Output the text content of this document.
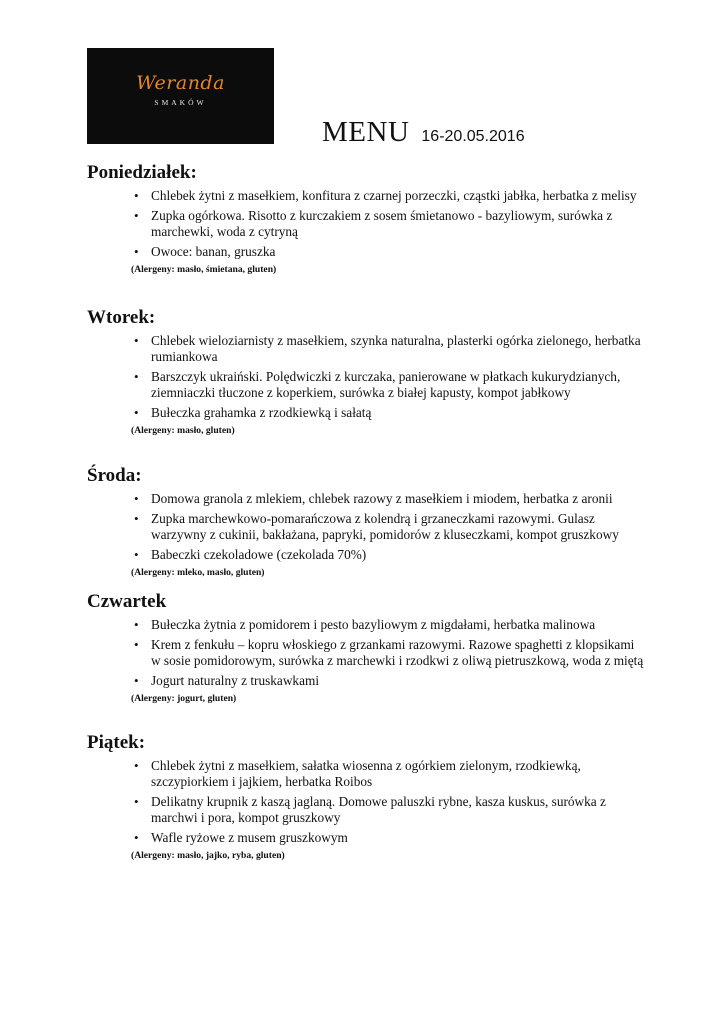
Weranda
SMAKÓW
MENU 16-20.05.2016
Poniedziałek:
• Chlebek żytni z masełkiem, konfitura z czarnej porzeczki, cząstki jabłka, herbatka z melisy
• Zupka ogórkowa. Risotto z kurczakiem z sosem śmietanowo - bazyliowym, surówka z marchewki, woda z cytryną
• Owoce: banan, gruszka
(Alergeny: masło, śmietana, gluten)
Wtorek:
• Chlebek wieloziarnisty z masełkiem, szynka naturalna, plasterki ogórka zielonego, herbatka rumiankowa
• Barszczyk ukraiński. Polędwiczki z kurczaka, panierowane w płatkach kukurydzianych, ziemniaczki tłuczone z koperkiem, surówka z białej kapusty, kompot jabłkowy
• Bułeczka grahamka z rzodkiewką i sałatą
(Alergeny: masło, gluten)
Środa:
• Domowa granola z mlekiem, chlebek razowy z masełkiem i miodem, herbatka z aronii
• Zupka marchewkowo-pomarańczowa z kolendrą i grzaneczkami razowymi. Gulasz warzywny z cukinii, bakłażana, papryki, pomidorów z kluseczkami, kompot gruszkowy
• Babeczki czekoladowe (czekolada 70%)
(Alergeny: mleko, masło, gluten)
Czwartek
• Bułeczka żytnia z pomidorem i pesto bazyliowym z migdałami, herbatka malinowa
• Krem z fenkułu – kopru włoskiego z grzankami razowymi. Razowe spaghetti z klopsikami w sosie pomidorowym, surówka z marchewki i rzodkwi z oliwą pietruszkową, woda z miętą
• Jogurt naturalny z truskawkami
(Alergeny: jogurt, gluten)
Piątek:
• Chlebek żytni z masełkiem, sałatka wiosenna z ogórkiem zielonym, rzodkiewką, szczypiorkiem i jajkiem, herbatka Roibos
• Delikatny krupnik z kaszą jaglaną. Domowe paluszki rybne, kasza kuskus, surówka z marchwi i pora, kompot gruszkowy
• Wafle ryżowe z musem gruszkowym
(Alergeny: masło, jajko, ryba, gluten)
